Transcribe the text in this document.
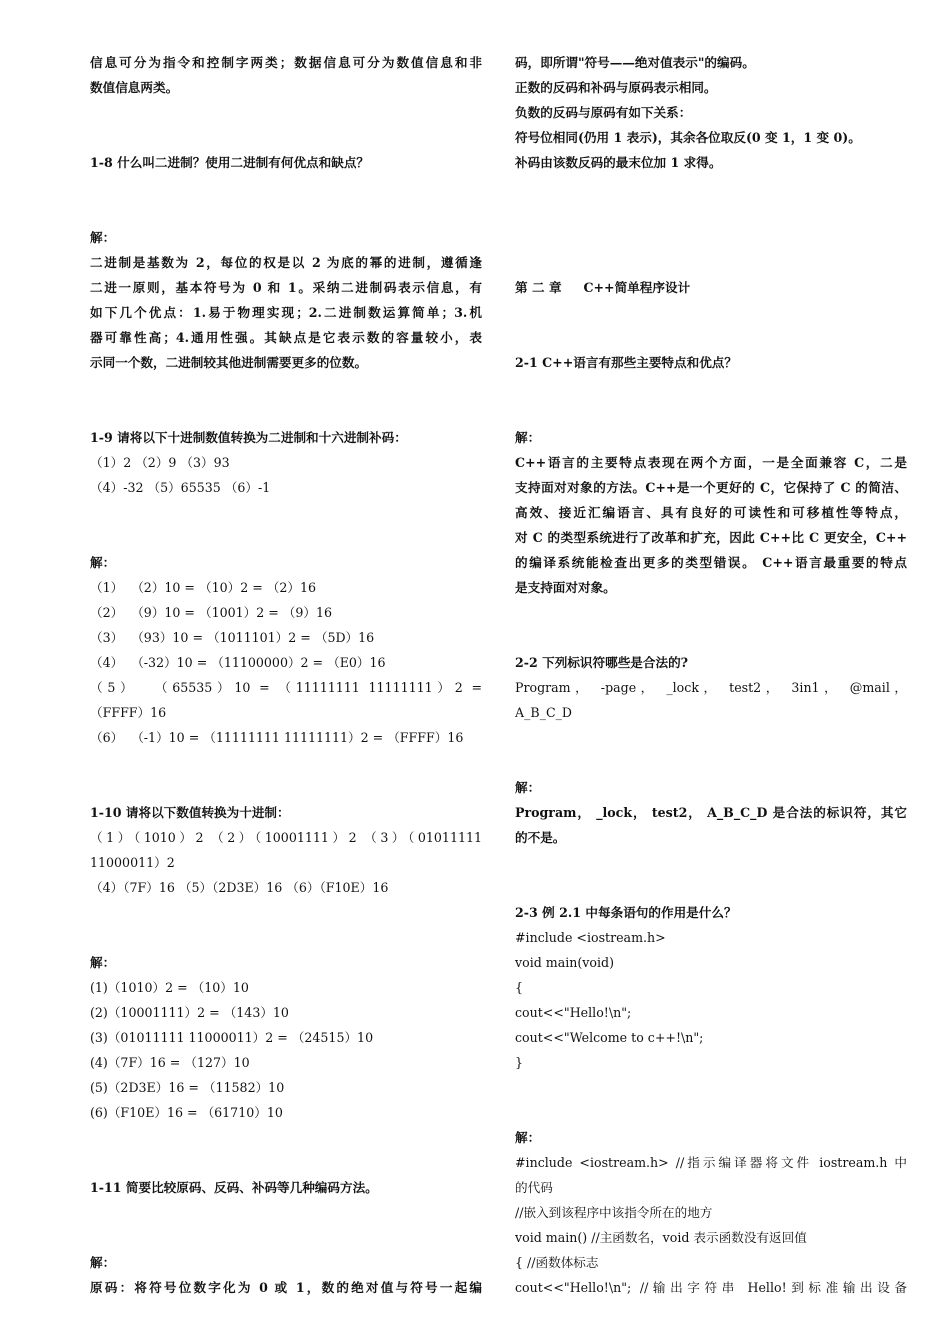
信息可分为指令和控制字两类；数据信息可分为数值信息和非
数值信息两类。

1-8 什么叫二进制？使用二进制有何优点和缺点？

解：
二进制是基数为 2，每位的权是以 2 为底的幂的进制，遵循逢
二进一原则，基本符号为 0 和 1。采纳二进制码表示信息，有
如下几个优点：1.易于物理实现；2.二进制数运算简单；3.机
器可靠性高；4.通用性强。其缺点是它表示数的容量较小，表
示同一个数，二进制较其他进制需要更多的位数。

1-9 请将以下十进制数值转换为二进制和十六进制补码：
（1）2 （2）9 （3）93
（4）-32 （5）65535 （6）-1

解：
（1）  （2）10 = （10）2 = （2）16
（2）  （9）10 = （1001）2 = （9）16
（3）  （93）10 = （1011101）2 = （5D）16
（4）  （-32）10 = （11100000）2 = （E0）16
（5）  （65535）10 = （11111111 11111111）2 =
（FFFF）16
（6）  （-1）10 = （11111111 11111111）2 = （FFFF）16

1-10 请将以下数值转换为十进制：
（1）（1010）2 （2）（10001111）2 （3）（01011111
11000011）2
（4）（7F）16 （5）（2D3E）16 （6）（F10E）16

解：
(1)（1010）2 = （10）10
(2)（10001111）2 = （143）10
(3)（01011111 11000011）2 = （24515）10
(4)（7F）16 = （127）10
(5)（2D3E）16 = （11582）10
(6)（F10E）16 = （61710）10

1-11 简要比较原码、反码、补码等几种编码方法。

解：
原码：将符号位数字化为 0 或 1，数的绝对值与符号一起编
码，即所谓"符号——绝对值表示"的编码。
正数的反码和补码与原码表示相同。
负数的反码与原码有如下关系：
符号位相同(仍用 1 表示)，其余各位取反(0 变 1，1 变 0)。
补码由该数反码的最末位加 1 求得。

第 二 章     C++简单程序设计

2-1 C++语言有那些主要特点和优点？

解：
C++语言的主要特点表现在两个方面，一是全面兼容 C，二是
支持面对对象的方法。C++是一个更好的 C，它保持了 C 的简洁、
高效、接近汇编语言、具有良好的可读性和可移植性等特点，
对 C 的类型系统进行了改革和扩充，因此 C++比 C 更安全，C++
的编译系统能检查出更多的类型错误。 C++语言最重要的特点
是支持面对对象。

2-2 下列标识符哪些是合法的?
Program， -page， _lock， test2， 3in1， @mail，
A_B_C_D

解：
Program， _lock， test2， A_B_C_D 是合法的标识符，其它
的不是。

2-3 例 2.1 中每条语句的作用是什么？
#include <iostream.h>
void main(void)
{
cout<<"Hello!\n";
cout<<"Welcome to c++!\n";
}

解：
#include <iostream.h> //指示编译器将文件 iostream.h 中
的代码
//嵌入到该程序中该指令所在的地方
void main() //主函数名，void 表示函数没有返回值
{ //函数体标志
cout<<"Hello!\n"; //输出字符串 Hello!到标准输出设备
